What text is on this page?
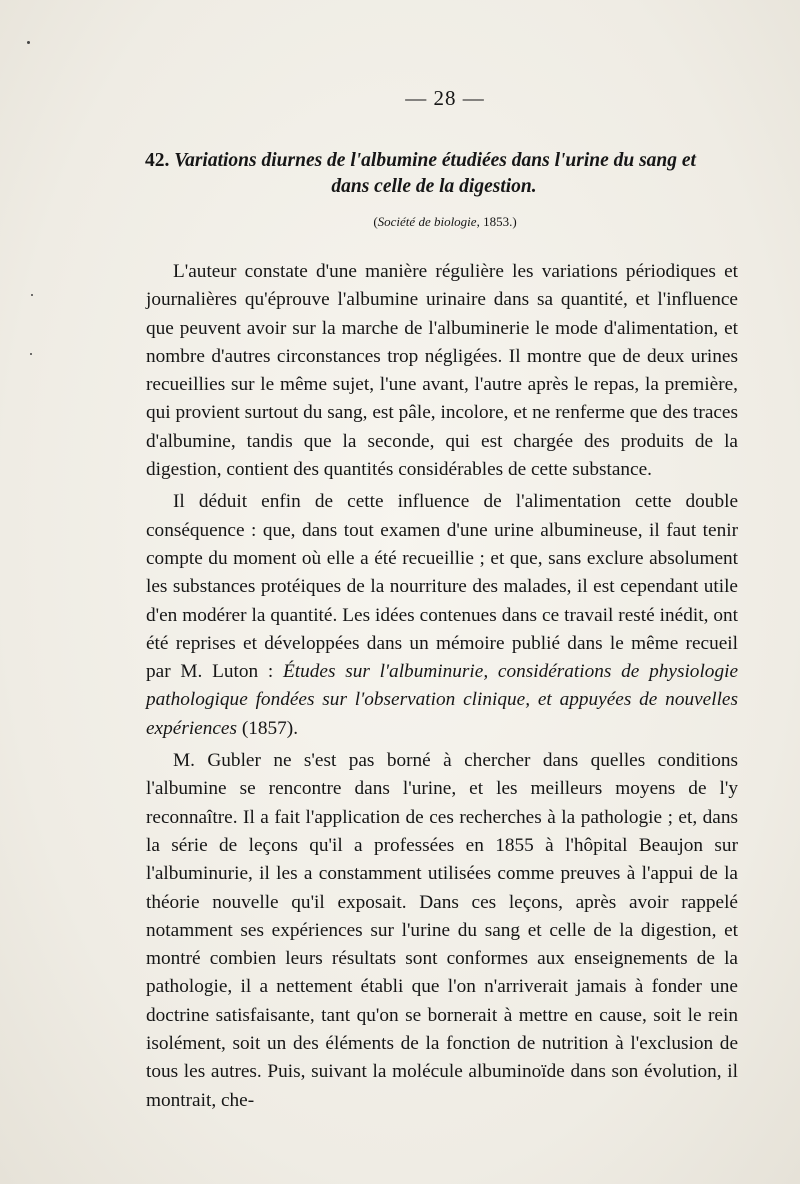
— 28 —
42. Variations diurnes de l'albumine étudiées dans l'urine du sang et
dans celle de la digestion.
(Société de biologie, 1853.)

L'auteur constate d'une manière régulière les variations périodiques et journalières qu'éprouve l'albumine urinaire dans sa quantité, et l'influence que peuvent avoir sur la marche de l'albuminerie le mode d'alimentation, et nombre d'autres circonstances trop négligées. Il montre que de deux urines recueillies sur le même sujet, l'une avant, l'autre après le repas, la première, qui provient surtout du sang, est pâle, incolore, et ne renferme que des traces d'albumine, tandis que la seconde, qui est chargée des produits de la digestion, contient des quantités considérables de cette substance.

Il déduit enfin de cette influence de l'alimentation cette double conséquence : que, dans tout examen d'une urine albumineuse, il faut tenir compte du moment où elle a été recueillie ; et que, sans exclure absolument les substances protéiques de la nourriture des malades, il est cependant utile d'en modérer la quantité. Les idées contenues dans ce travail resté inédit, ont été reprises et développées dans un mémoire publié dans le même recueil par M. Luton : Études sur l'albuminurie, considérations de physiologie pathologique fondées sur l'observation clinique, et appuyées de nouvelles expériences (1857).

M. Gubler ne s'est pas borné à chercher dans quelles conditions l'albumine se rencontre dans l'urine, et les meilleurs moyens de l'y reconnaître. Il a fait l'application de ces recherches à la pathologie ; et, dans la série de leçons qu'il a professées en 1855 à l'hôpital Beaujon sur l'albuminurie, il les a constamment utilisées comme preuves à l'appui de la théorie nouvelle qu'il exposait. Dans ces leçons, après avoir rappelé notamment ses expériences sur l'urine du sang et celle de la digestion, et montré combien leurs résultats sont conformes aux enseignements de la pathologie, il a nettement établi que l'on n'arriverait jamais à fonder une doctrine satisfaisante, tant qu'on se bornerait à mettre en cause, soit le rein isolément, soit un des éléments de la fonction de nutrition à l'exclusion de tous les autres. Puis, suivant la molécule albuminoïde dans son évolution, il montrait, che-
